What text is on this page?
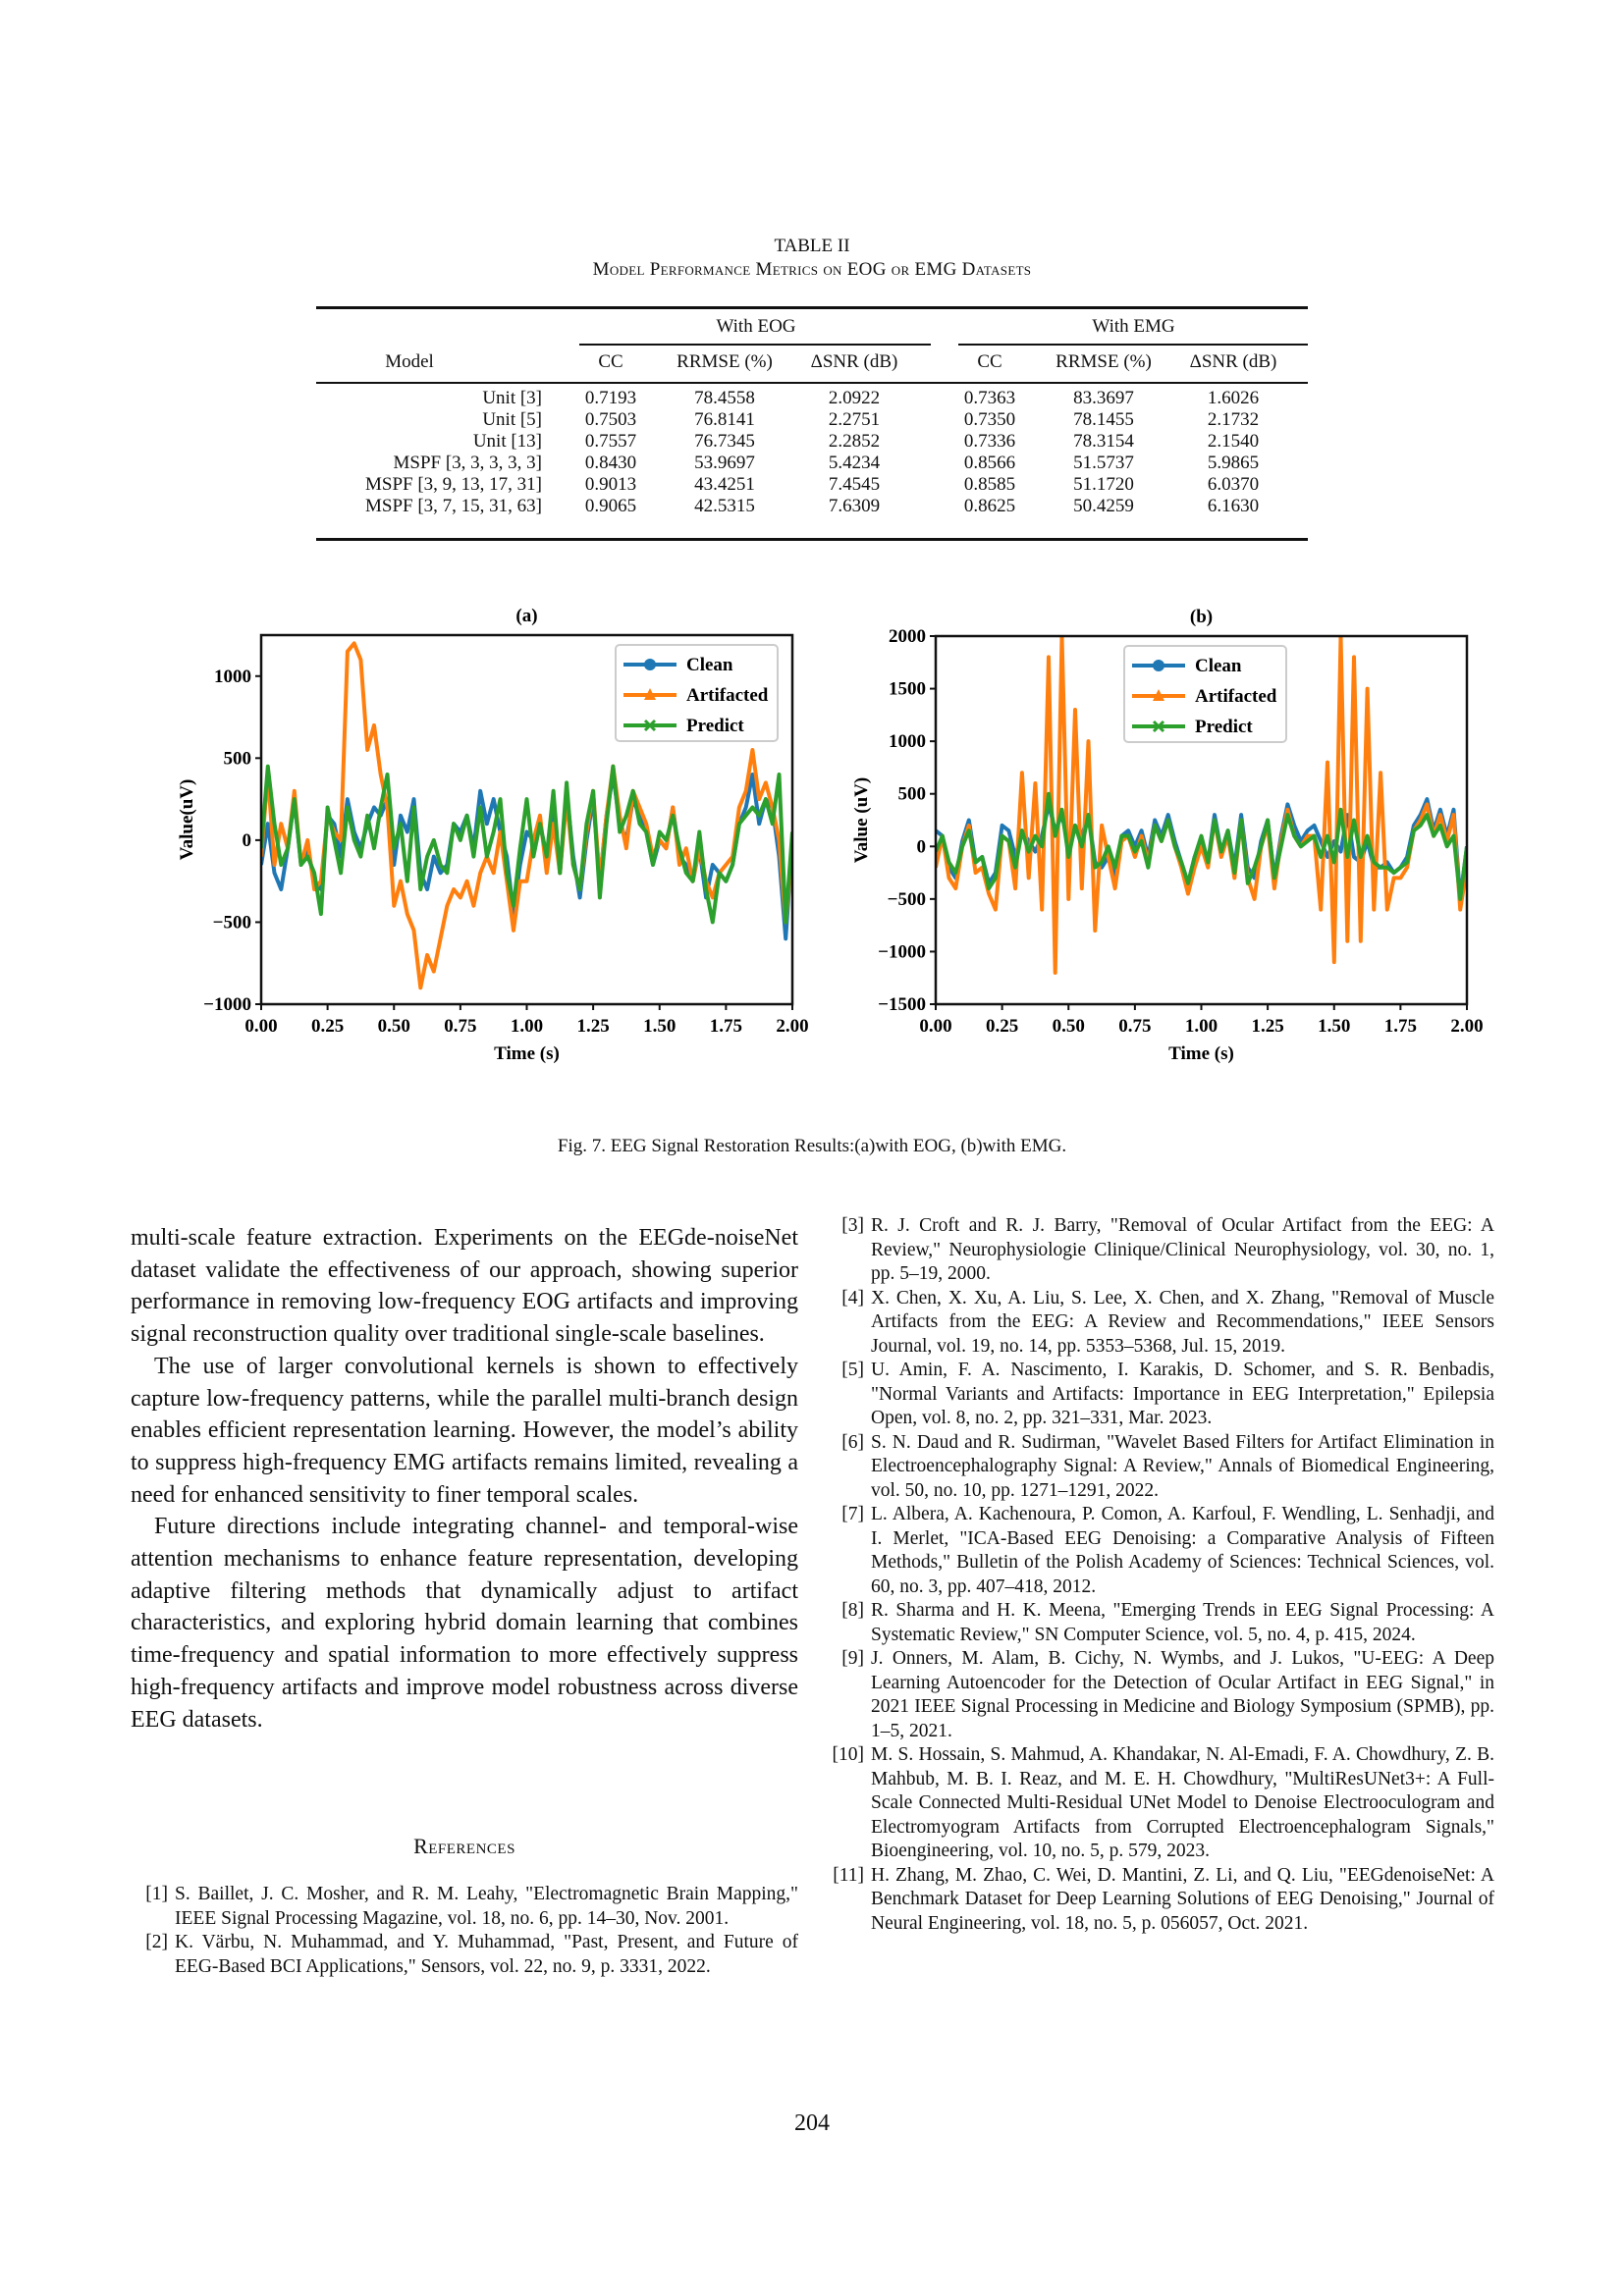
TABLE II
Model Performance Metrics on EOG or EMG Datasets
With EOG	With EMG
Model	CC	RRMSE (%)	ΔSNR (dB)	CC	RRMSE (%)	ΔSNR (dB)
Unit [3]	0.7193	78.4558	2.0922	0.7363	83.3697	1.6026
Unit [5]	0.7503	76.8141	2.2751	0.7350	78.1455	2.1732
Unit [13]	0.7557	76.7345	2.2852	0.7336	78.3154	2.1540
MSPF [3, 3, 3, 3, 3]	0.8430	53.9697	5.4234	0.8566	51.5737	5.9865
MSPF [3, 9, 13, 17, 31]	0.9013	43.4251	7.4545	0.8585	51.1720	6.0370
MSPF [3, 7, 15, 31, 63]	0.9065	42.5315	7.6309	0.8625	50.4259	6.1630
(a)
0.00 0.25 0.50 0.75 1.00 1.25 1.50 1.75 2.00
−1000
−500
0
500
1000
Time (s)
Value(uV)
Clean
Artifacted
Predict
(b)
0.00 0.25 0.50 0.75 1.00 1.25 1.50 1.75 2.00
−1500
−1000
−500
0
500
1000
1500
2000
Time (s)
Value (uV)
Clean
Artifacted
Predict
Fig. 7. EEG Signal Restoration Results:(a)with EOG, (b)with EMG.

multi-scale feature extraction. Experiments on the EEGde-noiseNet dataset validate the effectiveness of our approach, showing superior performance in removing low-frequency EOG artifacts and improving signal reconstruction quality over traditional single-scale baselines.

The use of larger convolutional kernels is shown to effectively capture low-frequency patterns, while the parallel multi-branch design enables efficient representation learning. However, the model’s ability to suppress high-frequency EMG artifacts remains limited, revealing a need for enhanced sensitivity to finer temporal scales.

Future directions include integrating channel- and temporal-wise attention mechanisms to enhance feature representation, developing adaptive filtering methods that dynamically adjust to artifact characteristics, and exploring hybrid domain learning that combines time-frequency and spatial information to more effectively suppress high-frequency artifacts and improve model robustness across diverse EEG datasets.

References
[1] S. Baillet, J. C. Mosher, and R. M. Leahy, "Electromagnetic Brain Mapping," IEEE Signal Processing Magazine, vol. 18, no. 6, pp. 14–30, Nov. 2001.
[2] K. Värbu, N. Muhammad, and Y. Muhammad, "Past, Present, and Future of EEG-Based BCI Applications," Sensors, vol. 22, no. 9, p. 3331, 2022.
[3] R. J. Croft and R. J. Barry, "Removal of Ocular Artifact from the EEG: A Review," Neurophysiologie Clinique/Clinical Neurophysiology, vol. 30, no. 1, pp. 5–19, 2000.
[4] X. Chen, X. Xu, A. Liu, S. Lee, X. Chen, and X. Zhang, "Removal of Muscle Artifacts from the EEG: A Review and Recommendations," IEEE Sensors Journal, vol. 19, no. 14, pp. 5353–5368, Jul. 15, 2019.
[5] U. Amin, F. A. Nascimento, I. Karakis, D. Schomer, and S. R. Benbadis, "Normal Variants and Artifacts: Importance in EEG Interpretation," Epilepsia Open, vol. 8, no. 2, pp. 321–331, Mar. 2023.
[6] S. N. Daud and R. Sudirman, "Wavelet Based Filters for Artifact Elimination in Electroencephalography Signal: A Review," Annals of Biomedical Engineering, vol. 50, no. 10, pp. 1271–1291, 2022.
[7] L. Albera, A. Kachenoura, P. Comon, A. Karfoul, F. Wendling, L. Senhadji, and I. Merlet, "ICA-Based EEG Denoising: a Comparative Analysis of Fifteen Methods," Bulletin of the Polish Academy of Sciences: Technical Sciences, vol. 60, no. 3, pp. 407–418, 2012.
[8] R. Sharma and H. K. Meena, "Emerging Trends in EEG Signal Processing: A Systematic Review," SN Computer Science, vol. 5, no. 4, p. 415, 2024.
[9] J. Onners, M. Alam, B. Cichy, N. Wymbs, and J. Lukos, "U-EEG: A Deep Learning Autoencoder for the Detection of Ocular Artifact in EEG Signal," in 2021 IEEE Signal Processing in Medicine and Biology Symposium (SPMB), pp. 1–5, 2021.
[10] M. S. Hossain, S. Mahmud, A. Khandakar, N. Al-Emadi, F. A. Chowdhury, Z. B. Mahbub, M. B. I. Reaz, and M. E. H. Chowdhury, "MultiResUNet3+: A Full-Scale Connected Multi-Residual UNet Model to Denoise Electrooculogram and Electromyogram Artifacts from Corrupted Electroencephalogram Signals," Bioengineering, vol. 10, no. 5, p. 579, 2023.
[11] H. Zhang, M. Zhao, C. Wei, D. Mantini, Z. Li, and Q. Liu, "EEGdenoiseNet: A Benchmark Dataset for Deep Learning Solutions of EEG Denoising," Journal of Neural Engineering, vol. 18, no. 5, p. 056057, Oct. 2021.
204
